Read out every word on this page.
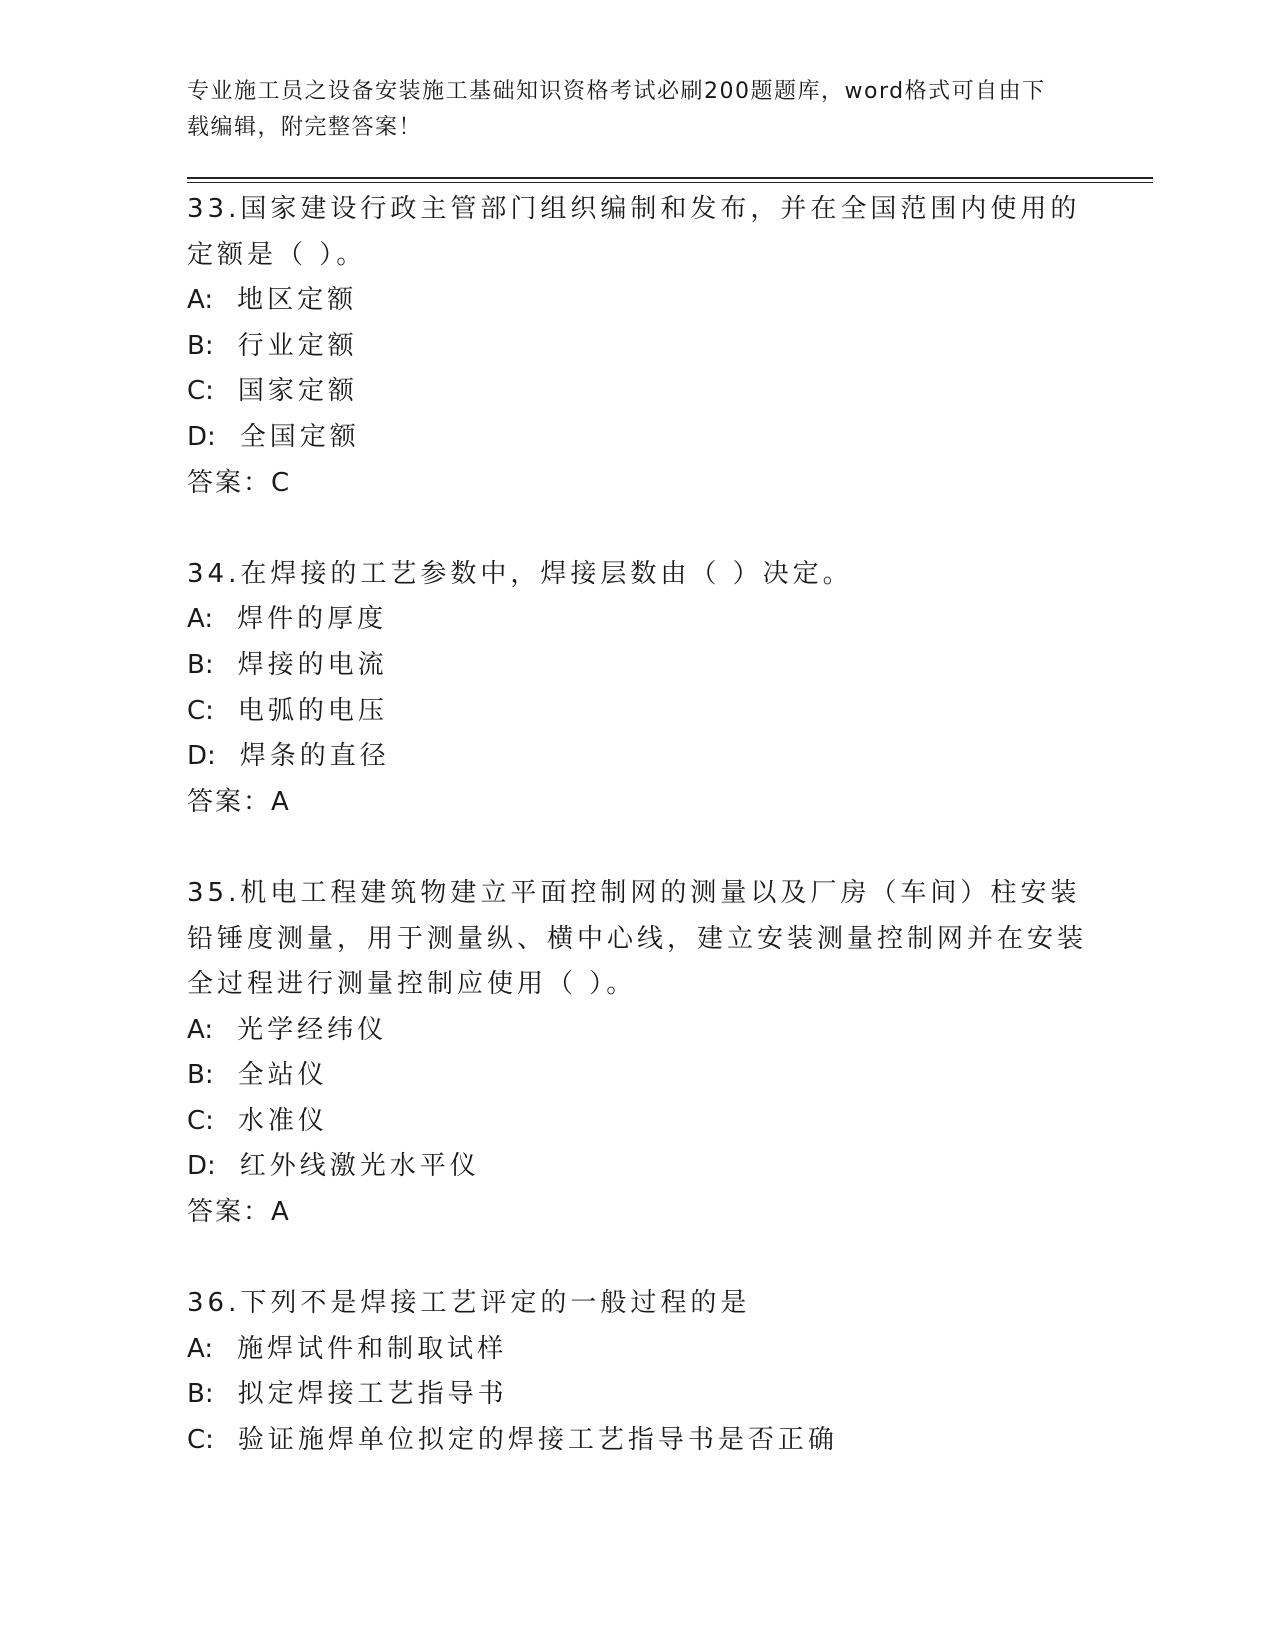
专业施工员之设备安装施工基础知识资格考试必刷200题题库，word格式可自由下载编辑，附完整答案！
33.国家建设行政主管部门组织编制和发布，并在全国范围内使用的定额是（ ）。
A: 地区定额
B: 行业定额
C: 国家定额
D: 全国定额
答案：C
34.在焊接的工艺参数中，焊接层数由（ ）决定。
A: 焊件的厚度
B: 焊接的电流
C: 电弧的电压
D: 焊条的直径
答案：A
35.机电工程建筑物建立平面控制网的测量以及厂房（车间）柱安装铅锤度测量，用于测量纵、横中心线，建立安装测量控制网并在安装全过程进行测量控制应使用（ ）。
A: 光学经纬仪
B: 全站仪
C: 水准仪
D: 红外线激光水平仪
答案：A
36.下列不是焊接工艺评定的一般过程的是
A: 施焊试件和制取试样
B: 拟定焊接工艺指导书
C: 验证施焊单位拟定的焊接工艺指导书是否正确
